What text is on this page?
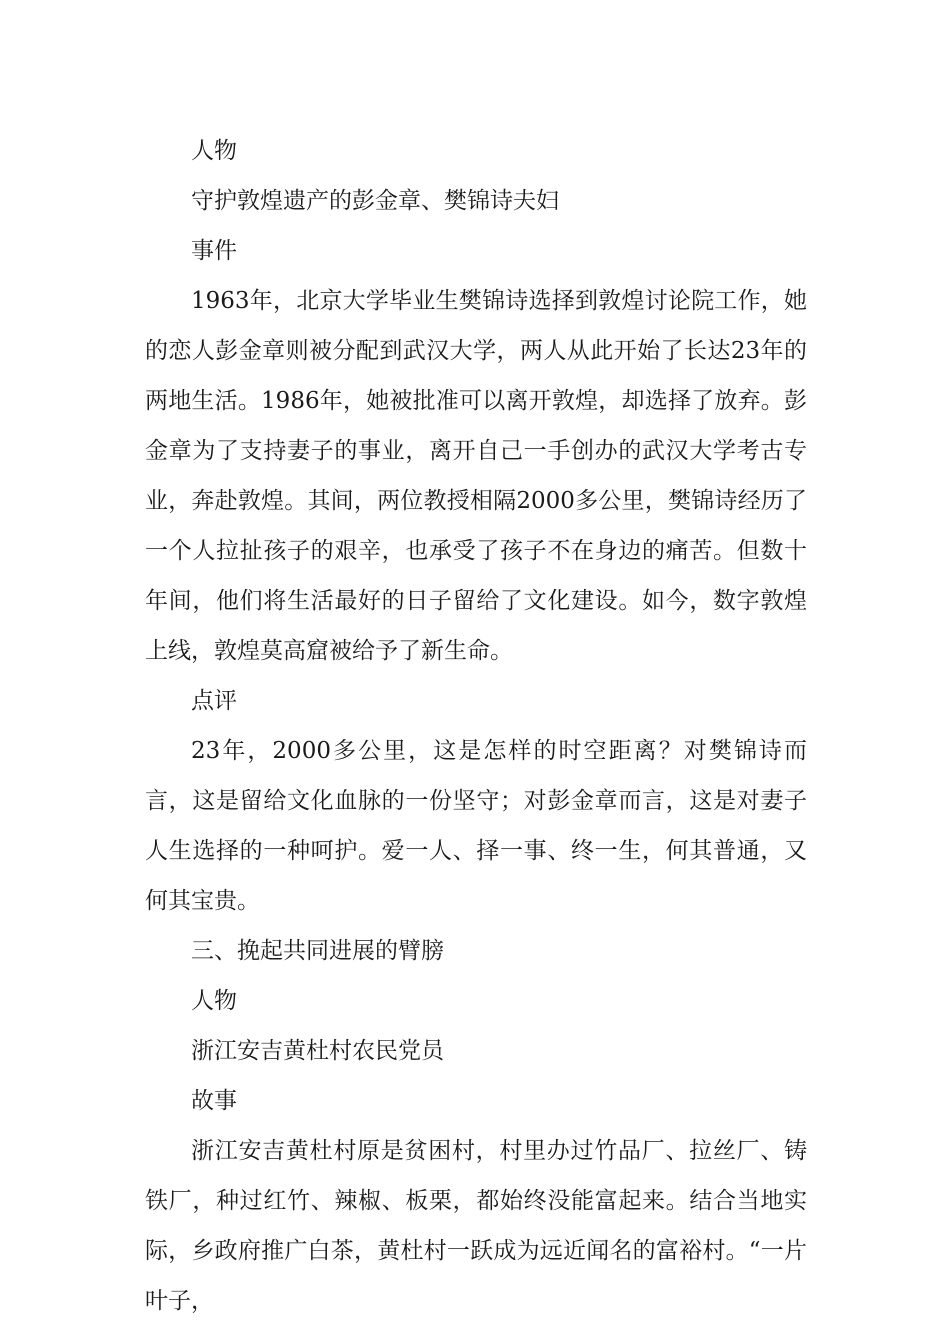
人物

守护敦煌遗产的彭金章、樊锦诗夫妇

事件

1963年，北京大学毕业生樊锦诗选择到敦煌讨论院工作，她的恋人彭金章则被分配到武汉大学，两人从此开始了长达23年的两地生活。1986年，她被批准可以离开敦煌，却选择了放弃。彭金章为了支持妻子的事业，离开自己一手创办的武汉大学考古专业，奔赴敦煌。其间，两位教授相隔2000多公里，樊锦诗经历了一个人拉扯孩子的艰辛，也承受了孩子不在身边的痛苦。但数十年间，他们将生活最好的日子留给了文化建设。如今，数字敦煌上线，敦煌莫高窟被给予了新生命。

点评

23年，2000多公里，这是怎样的时空距离？对樊锦诗而言，这是留给文化血脉的一份坚守；对彭金章而言，这是对妻子人生选择的一种呵护。爱一人、择一事、终一生，何其普通，又何其宝贵。

三、挽起共同进展的臂膀

人物

浙江安吉黄杜村农民党员

故事

浙江安吉黄杜村原是贫困村，村里办过竹品厂、拉丝厂、铸铁厂，种过红竹、辣椒、板栗，都始终没能富起来。结合当地实际，乡政府推广白茶，黄杜村一跃成为远近闻名的富裕村。“一片叶子，
